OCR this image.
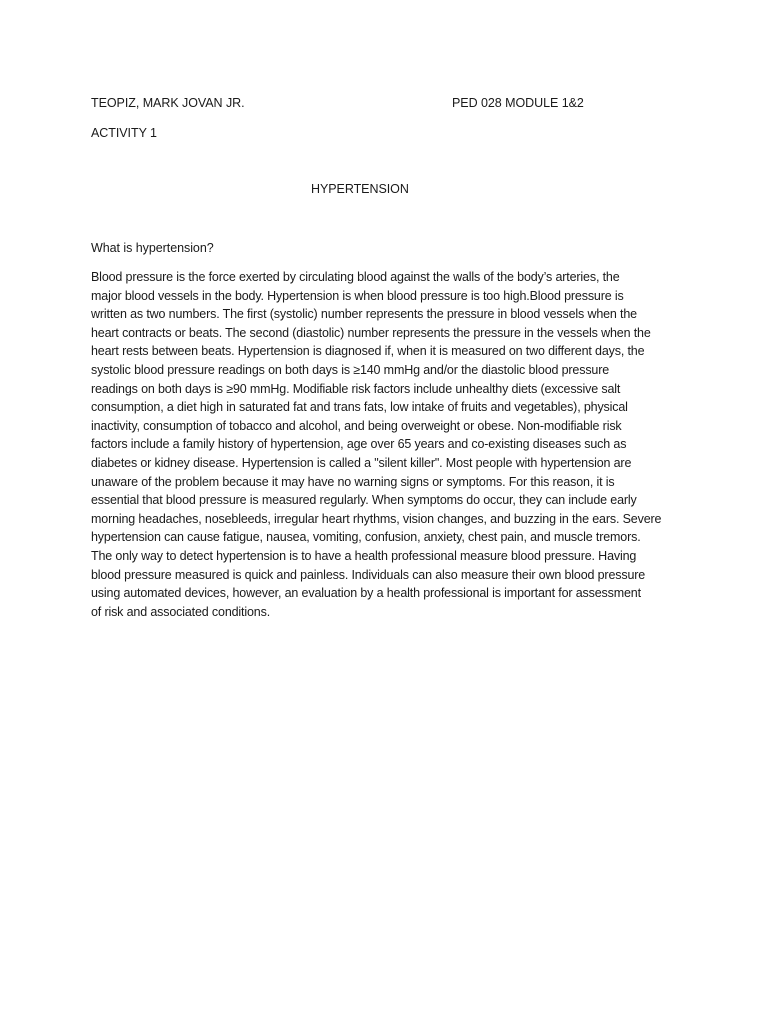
TEOPIZ, MARK JOVAN JR.	PED 028 MODULE 1&2
ACTIVITY 1
HYPERTENSION
What is hypertension?
Blood pressure is the force exerted by circulating blood against the walls of the body’s arteries, the
major blood vessels in the body. Hypertension is when blood pressure is too high.Blood pressure is
written as two numbers. The first (systolic) number represents the pressure in blood vessels when the
heart contracts or beats. The second (diastolic) number represents the pressure in the vessels when the
heart rests between beats. Hypertension is diagnosed if, when it is measured on two different days, the
systolic blood pressure readings on both days is ≥140 mmHg and/or the diastolic blood pressure
readings on both days is ≥90 mmHg. Modifiable risk factors include unhealthy diets (excessive salt
consumption, a diet high in saturated fat and trans fats, low intake of fruits and vegetables), physical
inactivity, consumption of tobacco and alcohol, and being overweight or obese. Non-modifiable risk
factors include a family history of hypertension, age over 65 years and co-existing diseases such as
diabetes or kidney disease. Hypertension is called a "silent killer". Most people with hypertension are
unaware of the problem because it may have no warning signs or symptoms. For this reason, it is
essential that blood pressure is measured regularly. When symptoms do occur, they can include early
morning headaches, nosebleeds, irregular heart rhythms, vision changes, and buzzing in the ears. Severe
hypertension can cause fatigue, nausea, vomiting, confusion, anxiety, chest pain, and muscle tremors.
The only way to detect hypertension is to have a health professional measure blood pressure. Having
blood pressure measured is quick and painless. Individuals can also measure their own blood pressure
using automated devices, however, an evaluation by a health professional is important for assessment
of risk and associated conditions.
